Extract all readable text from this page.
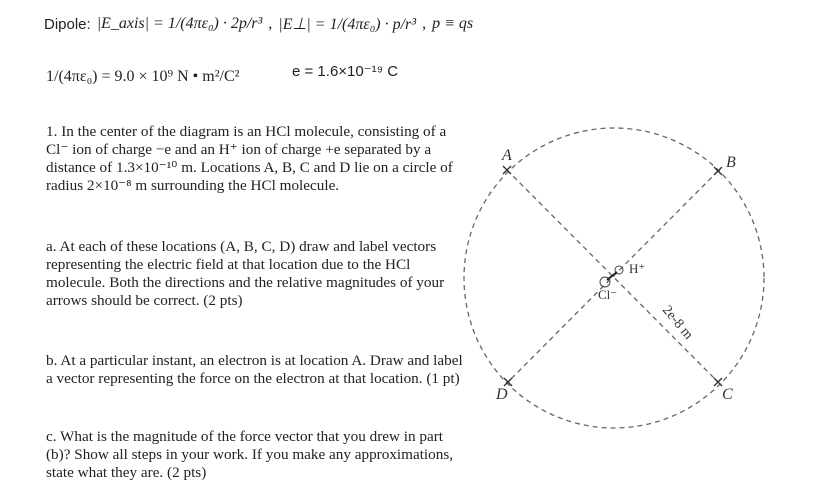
Dipole: |E_axis| = 1/(4πε₀) · 2p/r³ , |E⊥| = 1/(4πε₀) · p/r³ , p ≡ qs
1/(4πε₀) = 9.0 × 10⁹ N • m²/C²	e = 1.6×10⁻¹⁹ C

1. In the center of the diagram is an HCl molecule, consisting of a Cl⁻ ion of charge −e and an H⁺ ion of charge +e separated by a distance of 1.3×10⁻¹⁰ m. Locations A, B, C and D lie on a circle of radius 2×10⁻⁸ m surrounding the HCl molecule.

a. At each of these locations (A, B, C, D) draw and label vectors representing the electric field at that location due to the HCl molecule. Both the directions and the relative magnitudes of your arrows should be correct. (2 pts)

b. At a particular instant, an electron is at location A. Draw and label a vector representing the force on the electron at that location. (1 pt)

c. What is the magnitude of the force vector that you drew in part (b)? Show all steps in your work. If you make any approximations, state what they are. (2 pts)

A	B
C
D
H⁺
Cl⁻
2e-8 m
